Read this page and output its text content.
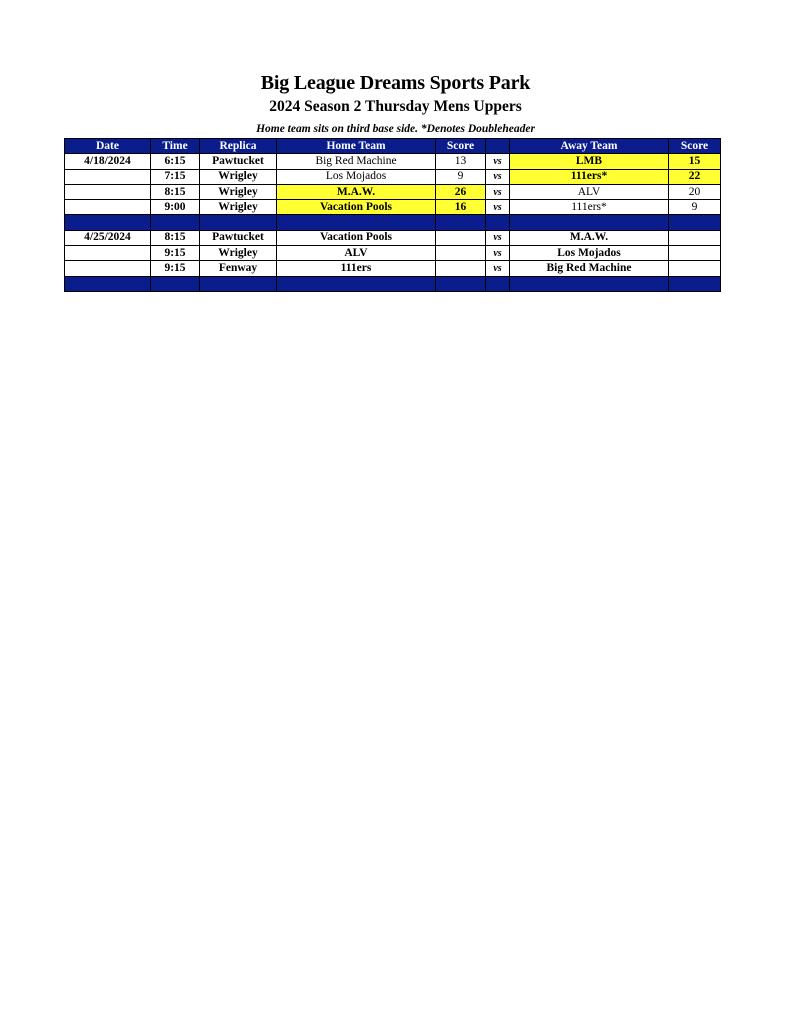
Big League Dreams Sports Park
2024 Season 2 Thursday Mens Uppers
Home team sits on third base side. *Denotes Doubleheader
Date	Time	Replica	Home Team	Score		Away Team	Score
4/18/2024	6:15	Pawtucket	Big Red Machine	13	vs	LMB	15
	7:15	Wrigley	Los Mojados	9	vs	111ers*	22
	8:15	Wrigley	M.A.W.	26	vs	ALV	20
	9:00	Wrigley	Vacation Pools	16	vs	111ers*	9

4/25/2024	8:15	Pawtucket	Vacation Pools		vs	M.A.W.	
	9:15	Wrigley	ALV		vs	Los Mojados	
	9:15	Fenway	111ers		vs	Big Red Machine	
